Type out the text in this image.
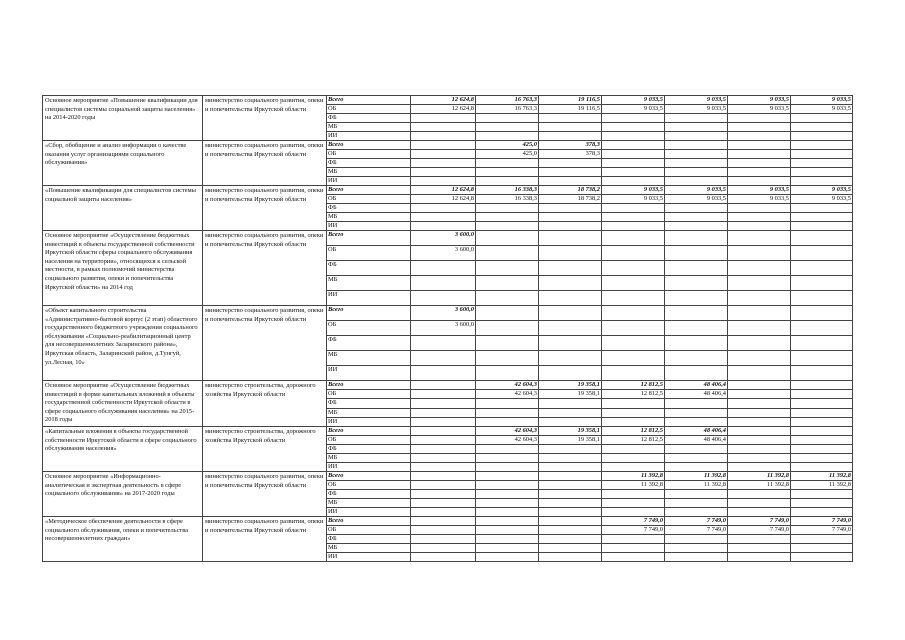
Основное мероприятие «Повышение квалификации для специалистов системы социальной защиты населения» на 2014-2020 годы	министерство социального развития, опеки и попечительства Иркутской области	Всего	12 624,8	16 763,3	19 116,5	9 033,5	9 033,5	9 033,5	9 033,5
		ОБ	12 624,8	16 763,3	19 116,5	9 033,5	9 033,5	9 033,5	9 033,5
		ФБ							
		МБ							
		ИИ							
«Сбор, обобщение и анализ информации о качестве оказания услуг организациями социального обслуживания»	министерство социального развития, опеки и попечительства Иркутской области	Всего		425,0	378,3				
		ОБ		425,0	378,3				
		ФБ							
		МБ							
		ИИ							
«Повышение квалификации для специалистов системы социальной защиты населения»	министерство социального развития, опеки и попечительства Иркутской области	Всего	12 624,8	16 338,3	18 738,2	9 033,5	9 033,5	9 033,5	9 033,5
		ОБ	12 624,8	16 338,3	18 738,2	9 033,5	9 033,5	9 033,5	9 033,5
		ФБ							
		МБ							
		ИИ							
Основное мероприятие «Осуществление бюджетных инвестиций в объекты государственной собственности Иркутской области сферы социального обслуживания населения на территории», относящихся к сельской местности, в рамках полномочий министерства социального развития, опеки и попечительства Иркутской области» на 2014 год	министерство социального развития, опеки и попечительства Иркутской области	Всего	3 600,0						
		ОБ	3 600,0						
		ФБ							
		МБ							
		ИИ							
«Объект капитального строительства «Административно-бытовой корпус (2 этап) областного государственного бюджетного учреждения социального обслуживания «Социально-реабилитационный центр для несовершеннолетних Заларинского района», Иркутская область, Заларинский район, д.Тунгуй, ул.Лесная, 10»	министерство социального развития, опеки и попечительства Иркутской области	Всего	3 600,0						
		ОБ	3 600,0						
		ФБ							
		МБ							
		ИИ							
Основное мероприятие «Осуществление бюджетных инвестиций в форме капитальных вложений в объекты государственной собственности Иркутской области в сфере социального обслуживания населения» на 2015-2018 годы	министерство строительства, дорожного хозяйства Иркутской области	Всего		42 604,3	19 358,1	12 812,5	48 406,4		
		ОБ		42 604,3	19 358,1	12 812,5	48 406,4		
		ФБ							
		МБ							
		ИИ							
«Капитальные вложения в объекты государственной собственности Иркутской области в сфере социального обслуживания населения»	министерство строительства, дорожного хозяйства Иркутской области	Всего		42 604,3	19 358,1	12 812,5	48 406,4		
		ОБ		42 604,3	19 358,1	12 812,5	48 406,4		
		ФБ							
		МБ							
		ИИ							
Основное мероприятие «Информационно-аналитическая и экспертная деятельность в сфере социального обслуживания» на 2017-2020 годы	министерство социального развития, опеки и попечительства Иркутской области	Всего				11 392,8	11 392,8	11 392,8	11 392,8
		ОБ				11 392,8	11 392,8	11 392,8	11 392,8
		ФБ							
		МБ							
		ИИ							
«Методическое обеспечение деятельности в сфере социального обслуживания, опеки и попечительства несовершеннолетних граждан»	министерство социального развития, опеки и попечительства Иркутской области	Всего				7 749,0	7 749,0	7 749,0	7 749,0
		ОБ				7 749,0	7 749,0	7 749,0	7 749,0
		ФБ							
		МБ							
		ИИ							
